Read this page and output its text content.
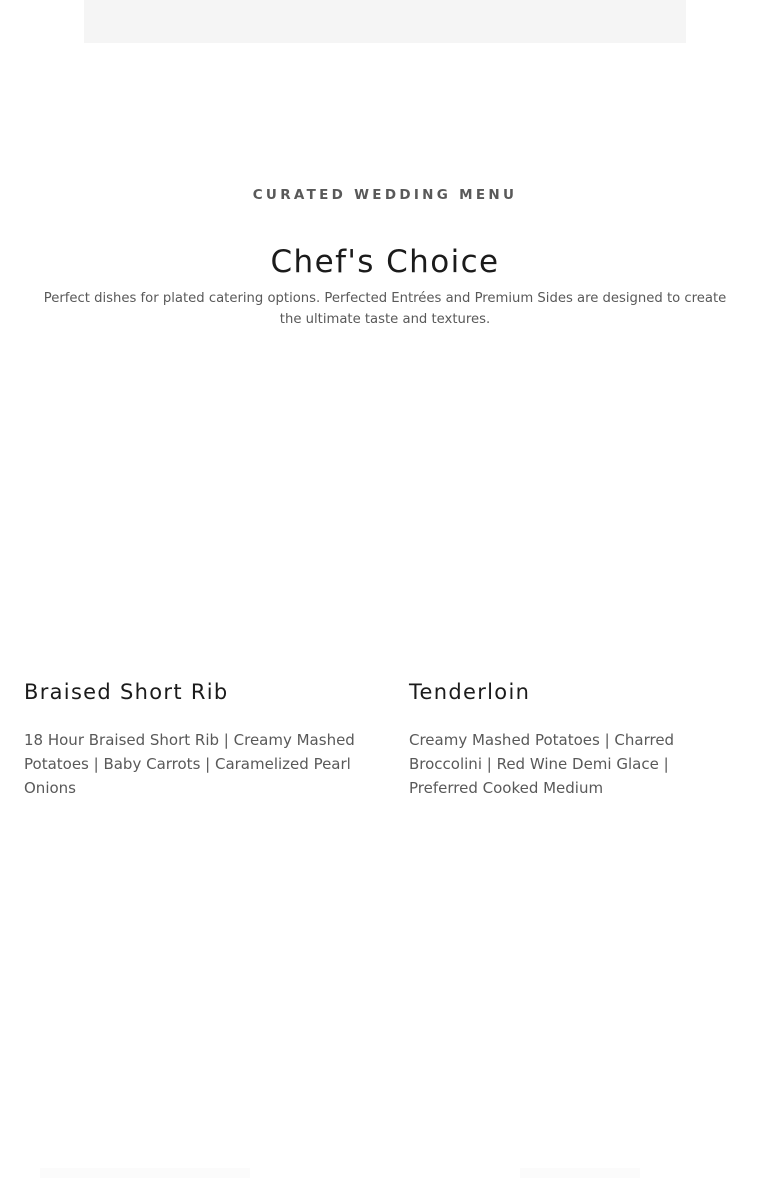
CURATED WEDDING MENU
Chef's Choice

Perfect dishes for plated catering options. Perfected Entrées and Premium Sides are designed to create the ultimate taste and textures.

Braised Short Rib

18 Hour Braised Short Rib | Creamy Mashed Potatoes | Baby Carrots | Caramelized Pearl Onions

Tenderloin

Creamy Mashed Potatoes | Charred Broccolini | Red Wine Demi Glace | Preferred Cooked Medium
